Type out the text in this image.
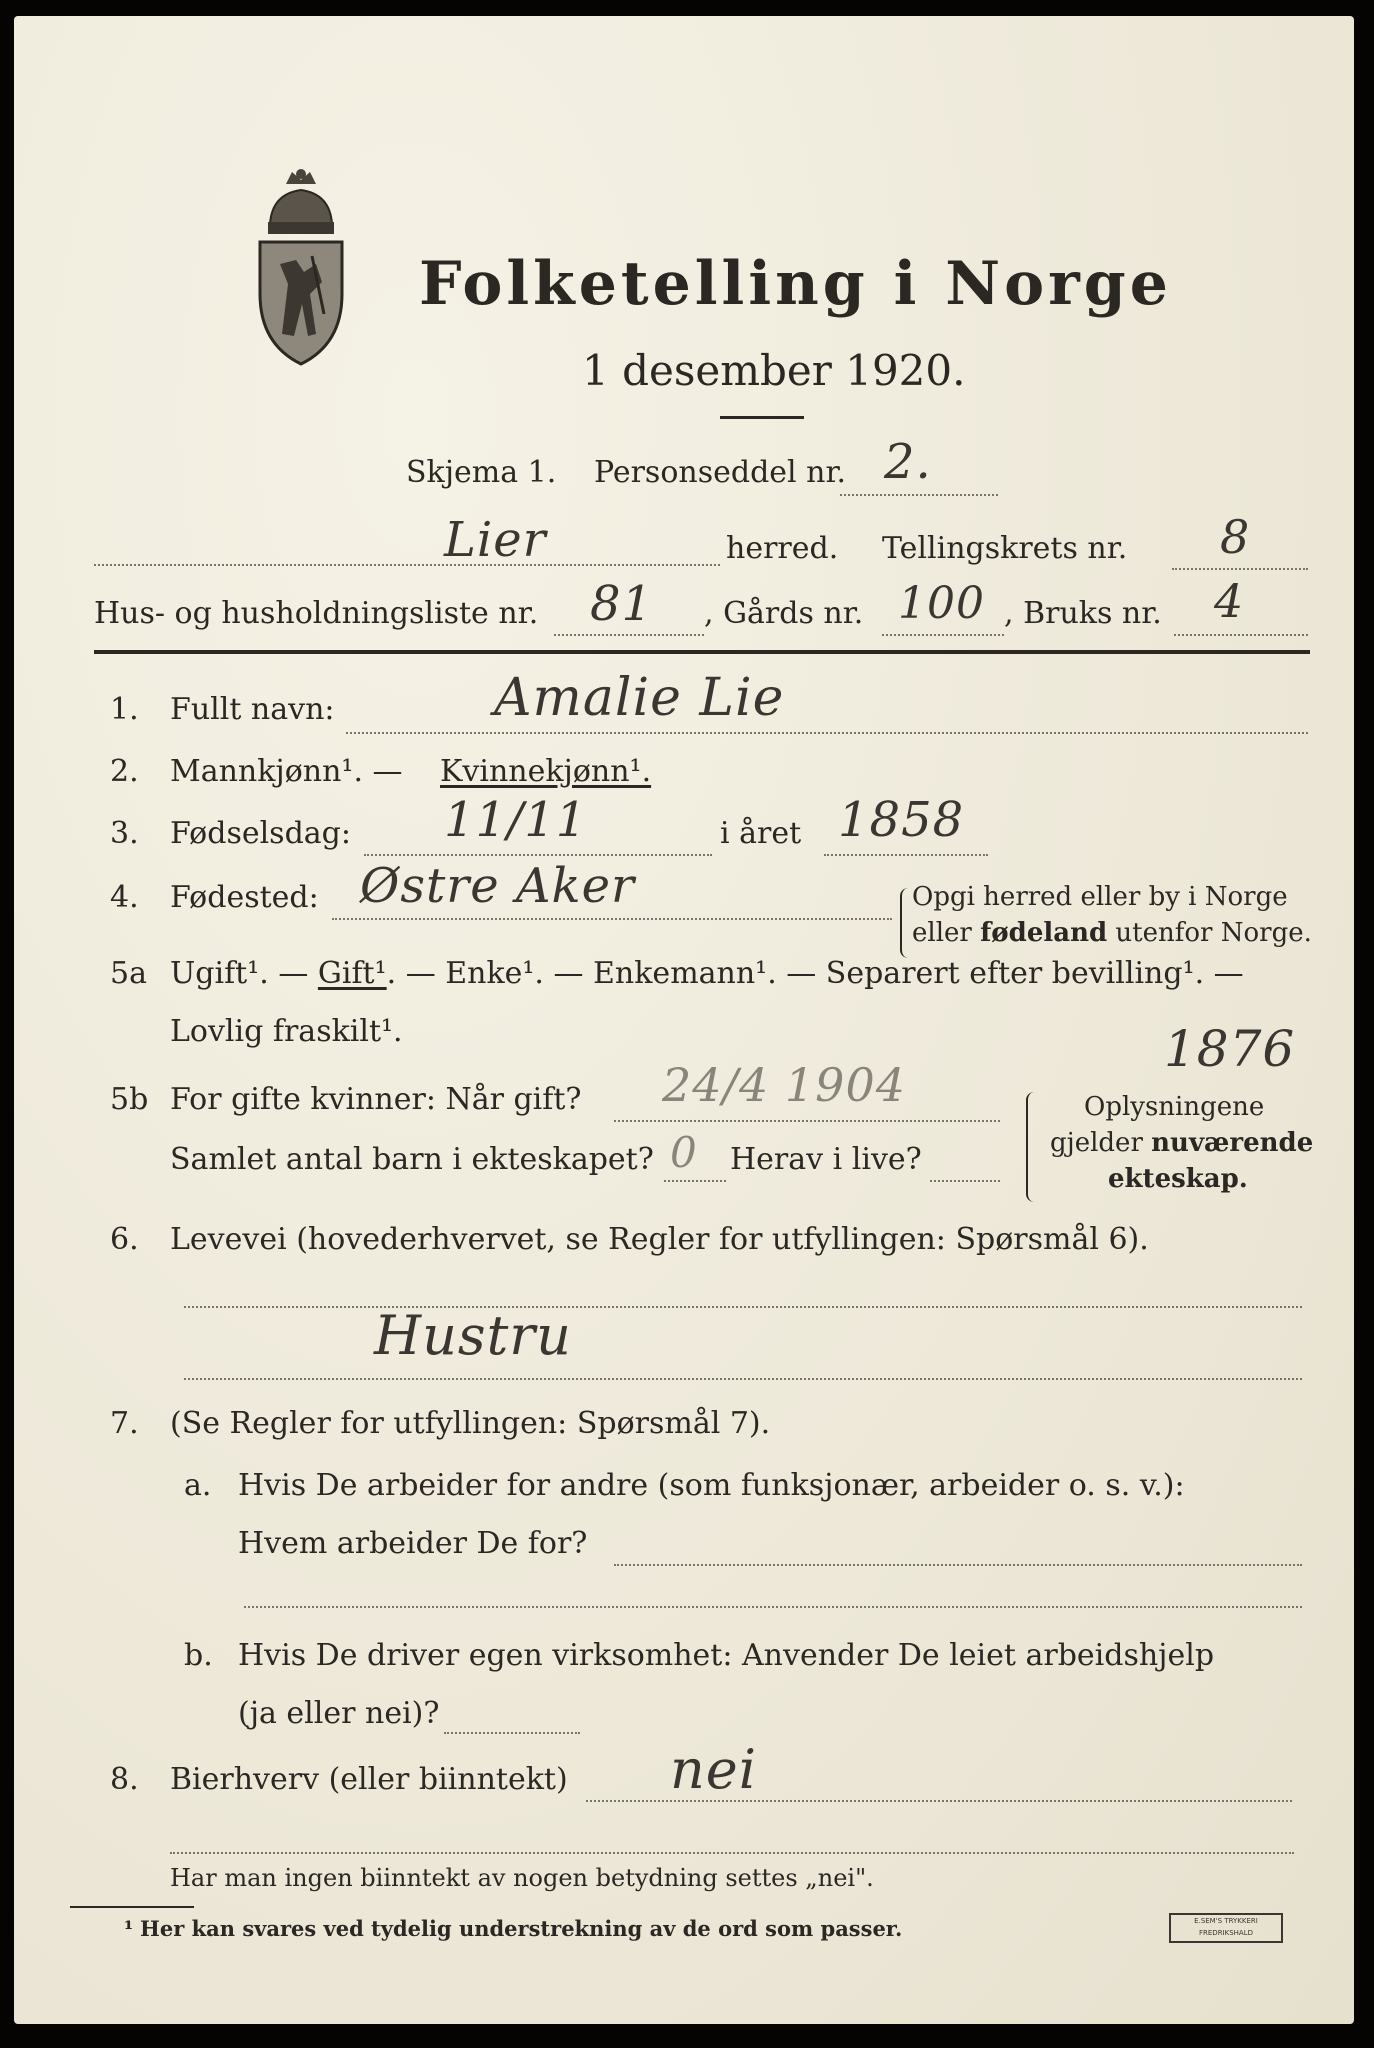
Folketelling i Norge
1 desember 1920.
Skjema 1. Personseddel nr. 2.
Lier	herred. Tellingskrets nr. 8
Hus- og husholdningsliste nr. 81 , Gårds nr. 100 , Bruks nr. 4
1. Fullt navn:	Amalie Lie
2. Mannkjønn¹. — Kvinnekjønn¹.
3. Fødselsdag: 11/11	i året 1858
4. Fødested: Østre Aker	Opgi herred eller by i Norge
eller fødeland utenfor Norge.
5a Ugift¹. — Gift¹. — Enke¹. — Enkemann¹. — Separert efter bevilling¹. —
Lovlig fraskilt¹.	1876
5b For gifte kvinner: Når gift? 24/4 1904
Samlet antal barn i ekteskapet? 0 Herav i live?
Oplysningene
gjelder nuværende
ekteskap.
6. Levevei (hovederhvervet, se Regler for utfyllingen: Spørsmål 6).
Hustru
7. (Se Regler for utfyllingen: Spørsmål 7).
a. Hvis De arbeider for andre (som funksjonær, arbeider o. s. v.):
Hvem arbeider De for?
b. Hvis De driver egen virksomhet: Anvender De leiet arbeidshjelp
(ja eller nei)?
8. Bierhverv (eller biinntekt) nei
Har man ingen biinntekt av nogen betydning settes „nei".
¹ Her kan svares ved tydelig understrekning av de ord som passer.	E.SEM'S TRYKKERI
FREDRIKSHALD
